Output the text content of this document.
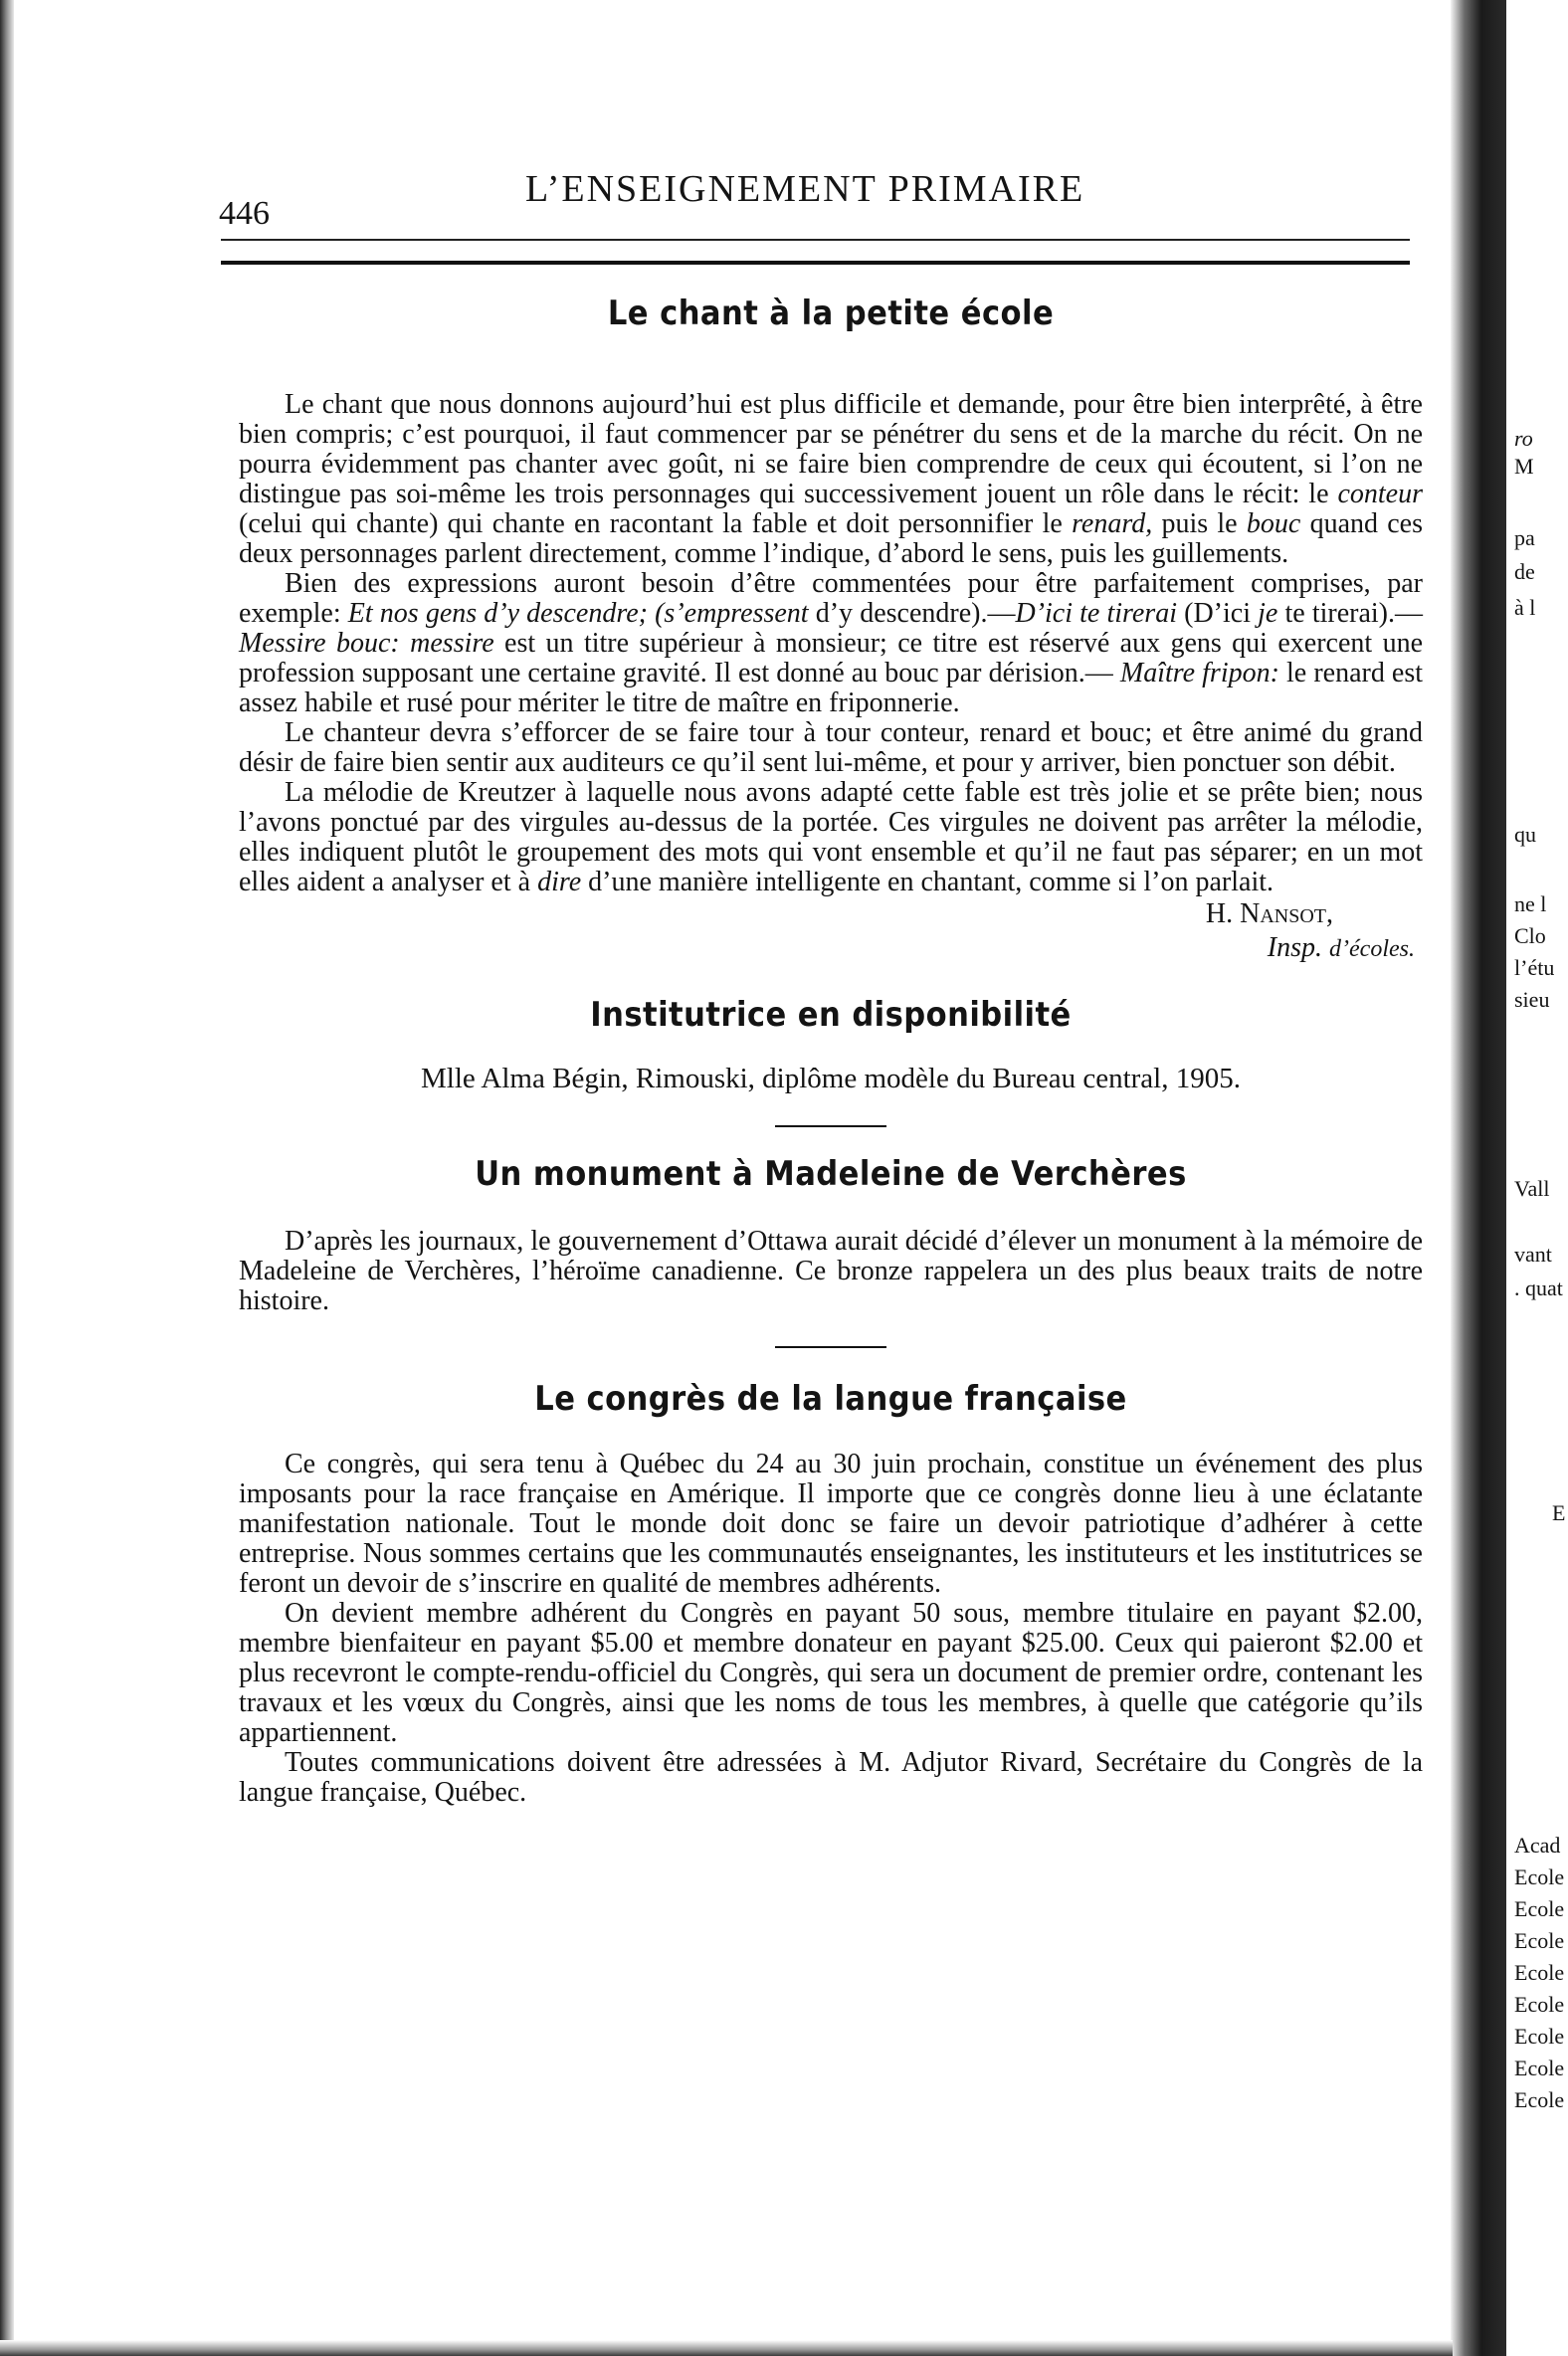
446
L’ENSEIGNEMENT PRIMAIRE
Le chant à la petite école

Le chant que nous donnons aujourd’hui est plus difficile et demande, pour être bien interprêté, à être bien compris; c’est pourquoi, il faut commencer par se pénétrer du sens et de la marche du récit. On ne pourra évidemment pas chanter avec goût, ni se faire bien comprendre de ceux qui écoutent, si l’on ne distingue pas soi-même les trois personnages qui successivement jouent un rôle dans le récit: le conteur (celui qui chante) qui chante en racontant la fable et doit personnifier le renard, puis le bouc quand ces deux personnages parlent directement, comme l’indique, d’abord le sens, puis les guillements.

Bien des expressions auront besoin d’être commentées pour être parfaitement comprises, par exemple: Et nos gens d’y descendre; (s’empressent d’y descendre).—D’ici te tirerai (D’ici je te tirerai).—Messire bouc: messire est un titre supérieur à monsieur; ce titre est réservé aux gens qui exercent une profession supposant une certaine gravité. Il est donné au bouc par dérision.— Maître fripon: le renard est assez habile et rusé pour mériter le titre de maître en friponnerie.

Le chanteur devra s’efforcer de se faire tour à tour conteur, renard et bouc; et être animé du grand désir de faire bien sentir aux auditeurs ce qu’il sent lui-même, et pour y arriver, bien ponctuer son débit.

La mélodie de Kreutzer à laquelle nous avons adapté cette fable est très jolie et se prête bien; nous l’avons ponctué par des virgules au-dessus de la portée. Ces virgules ne doivent pas arrêter la mélodie, elles indiquent plutôt le groupement des mots qui vont ensemble et qu’il ne faut pas séparer; en un mot elles aident a analyser et à dire d’une manière intelligente en chantant, comme si l’on parlait.

H. Nansot,
Insp. d’écoles.
Institutrice en disponibilité
Mlle Alma Bégin, Rimouski, diplôme modèle du Bureau central, 1905.
Un monument à Madeleine de Verchères

D’après les journaux, le gouvernement d’Ottawa aurait décidé d’élever un monument à la mémoire de Madeleine de Verchères, l’héroïme canadienne. Ce bronze rappelera un des plus beaux traits de notre histoire.

Le congrès de la langue française

Ce congrès, qui sera tenu à Québec du 24 au 30 juin prochain, constitue un événement des plus imposants pour la race française en Amérique. Il importe que ce congrès donne lieu à une éclatante manifestation nationale. Tout le monde doit donc se faire un devoir patriotique d’adhérer à cette entreprise. Nous sommes certains que les communautés enseignantes, les instituteurs et les institutrices se feront un devoir de s’inscrire en qualité de membres adhérents.

On devient membre adhérent du Congrès en payant 50 sous, membre titulaire en payant $2.00, membre bienfaiteur en payant $5.00 et membre donateur en payant $25.00. Ceux qui paieront $2.00 et plus recevront le compte-rendu-officiel du Congrès, qui sera un document de premier ordre, contenant les travaux et les vœux du Congrès, ainsi que les noms de tous les membres, à quelle que catégorie qu’ils appartiennent.

Toutes communications doivent être adressées à M. Adjutor Rivard, Secrétaire du Congrès de la langue française, Québec.

ro
M
pa
de
à l
qu
ne l
Clo
l’étu
sieu
Vall
vant
. quat
E
Acad
Ecole
Ecole
Ecole
Ecole
Ecole
Ecole
Ecole
Ecole
